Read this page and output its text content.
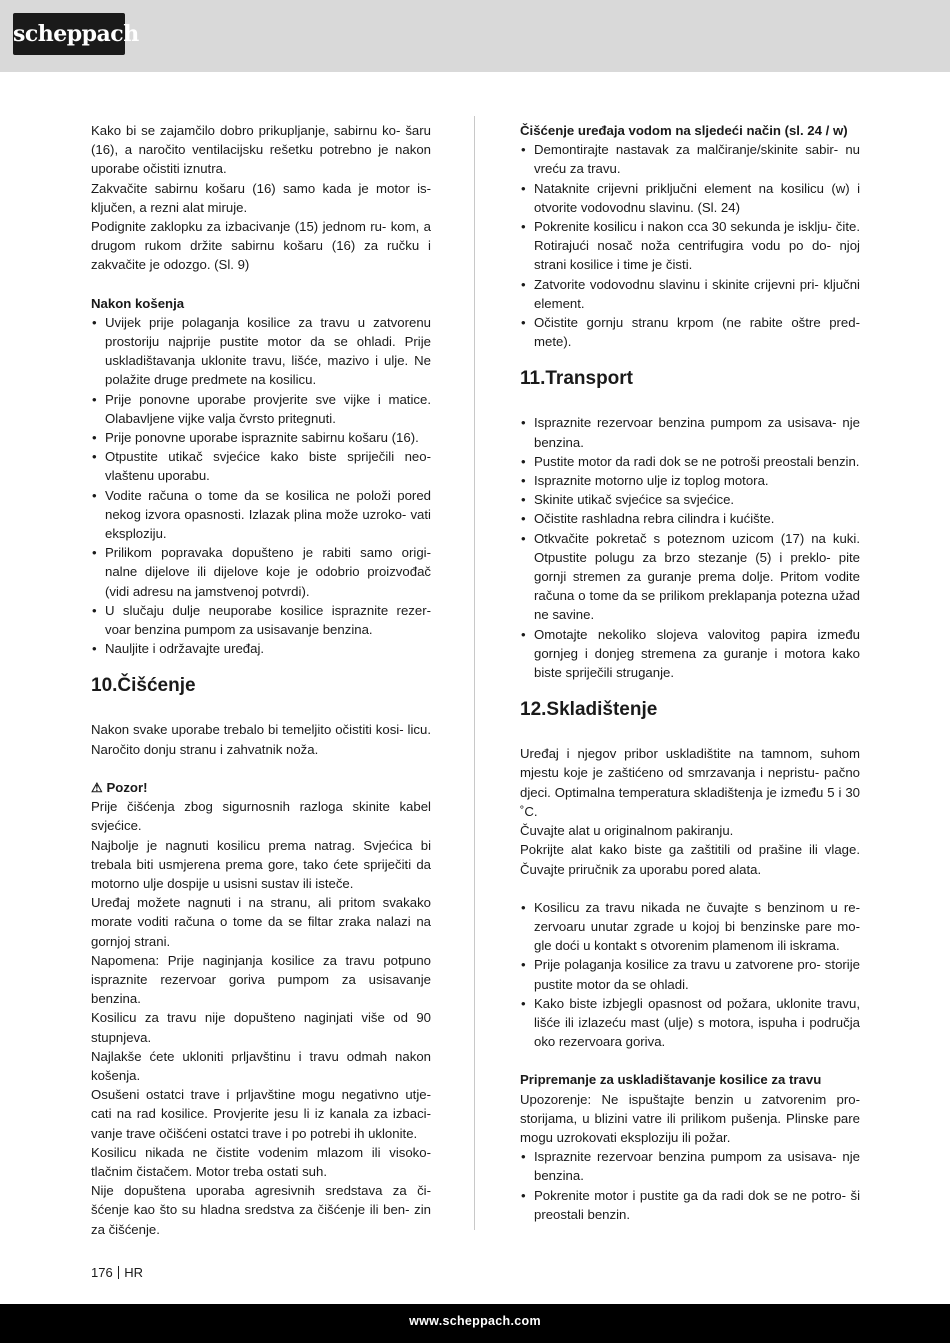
scheppach

Kako bi se zajamčilo dobro prikupljanje, sabirnu ko- šaru (16), a naročito ventilacijsku rešetku potrebno je nakon uporabe očistiti iznutra.

Zakvačite sabirnu košaru (16) samo kada je motor is- ključen, a rezni alat miruje.

Podignite zaklopku za izbacivanje (15) jednom ru- kom, a drugom rukom držite sabirnu košaru (16) za ručku i zakvačite je odozgo. (Sl. 9)

Nakon košenja

• Uvijek prije polaganja kosilice za travu u zatvorenu prostoriju najprije pustite motor da se ohladi. Prije uskladištavanja uklonite travu, lišće, mazivo i ulje. Ne polažite druge predmete na kosilicu.
• Prije ponovne uporabe provjerite sve vijke i matice. Olabavljene vijke valja čvrsto pritegnuti.
• Prije ponovne uporabe ispraznite sabirnu košaru (16).
• Otpustite utikač svjećice kako biste spriječili neo- vlaštenu uporabu.
• Vodite računa o tome da se kosilica ne položi pored nekog izvora opasnosti. Izlazak plina može uzroko- vati eksploziju.
• Prilikom popravaka dopušteno je rabiti samo origi- nalne dijelove ili dijelove koje je odobrio proizvođač (vidi adresu na jamstvenoj potvrdi).
• U slučaju dulje neuporabe kosilice ispraznite rezer- voar benzina pumpom za usisavanje benzina.
• Nauljite i održavajte uređaj.

10.Čišćenje

Nakon svake uporabe trebalo bi temeljito očistiti kosi- licu. Naročito donju stranu i zahvatnik noža.

⚠ Pozor!

Prije čišćenja zbog sigurnosnih razloga skinite kabel svjećice.

Najbolje je nagnuti kosilicu prema natrag. Svjećica bi trebala biti usmjerena prema gore, tako ćete spriječiti da motorno ulje dospije u usisni sustav ili isteče.

Uređaj možete nagnuti i na stranu, ali pritom svakako morate voditi računa o tome da se filtar zraka nalazi na gornjoj strani.

Napomena: Prije naginjanja kosilice za travu potpuno ispraznite rezervoar goriva pumpom za usisavanje benzina.

Kosilicu za travu nije dopušteno naginjati više od 90 stupnjeva.

Najlakše ćete ukloniti prljavštinu i travu odmah nakon košenja.

Osušeni ostatci trave i prljavštine mogu negativno utje- cati na rad kosilice. Provjerite jesu li iz kanala za izbaci- vanje trave očišćeni ostatci trave i po potrebi ih uklonite.

Kosilicu nikada ne čistite vodenim mlazom ili visoko- tlačnim čistačem. Motor treba ostati suh.

Nije dopuštena uporaba agresivnih sredstava za či- šćenje kao što su hladna sredstva za čišćenje ili ben- zin za čišćenje.

Čišćenje uređaja vodom na sljedeći način (sl. 24 / w)

• Demontirajte nastavak za malčiranje/skinite sabir- nu vreću za travu.
• Nataknite crijevni priključni element na kosilicu (w) i otvorite vodovodnu slavinu. (Sl. 24)
• Pokrenite kosilicu i nakon cca 30 sekunda je isklju- čite. Rotirajući nosač noža centrifugira vodu po do- njoj strani kosilice i time je čisti.
• Zatvorite vodovodnu slavinu i skinite crijevni pri- ključni element.
• Očistite gornju stranu krpom (ne rabite oštre pred- mete).

11.Transport

• Ispraznite rezervoar benzina pumpom za usisava- nje benzina.
• Pustite motor da radi dok se ne potroši preostali benzin.
• Ispraznite motorno ulje iz toplog motora.
• Skinite utikač svjećice sa svjećice.
• Očistite rashladna rebra cilindra i kućište.
• Otkvačite pokretač s poteznom uzicom (17) na kuki. Otpustite polugu za brzo stezanje (5) i preklo- pite gornji stremen za guranje prema dolje. Pritom vodite računa o tome da se prilikom preklapanja potezna užad ne savine.
• Omotajte nekoliko slojeva valovitog papira između gornjeg i donjeg stremena za guranje i motora kako biste spriječili struganje.

12.Skladištenje

Uređaj i njegov pribor uskladištite na tamnom, suhom mjestu koje je zaštićeno od smrzavanja i nepristu- pačno djeci. Optimalna temperatura skladištenja je između 5 i 30 ˚C.

Čuvajte alat u originalnom pakiranju.

Pokrijte alat kako biste ga zaštitili od prašine ili vlage. Čuvajte priručnik za uporabu pored alata.

• Kosilicu za travu nikada ne čuvajte s benzinom u re- zervoaru unutar zgrade u kojoj bi benzinske pare mo- gle doći u kontakt s otvorenim plamenom ili iskrama.
• Prije polaganja kosilice za travu u zatvorene pro- storije pustite motor da se ohladi.
• Kako biste izbjegli opasnost od požara, uklonite travu, lišće ili izlazeću mast (ulje) s motora, ispuha i područja oko rezervoara goriva.

Pripremanje za uskladištavanje kosilice za travu

Upozorenje: Ne ispuštajte benzin u zatvorenim pro- storijama, u blizini vatre ili prilikom pušenja. Plinske pare mogu uzrokovati eksploziju ili požar.

• Ispraznite rezervoar benzina pumpom za usisava- nje benzina.
• Pokrenite motor i pustite ga da radi dok se ne potro- ši preostali benzin.
176 HR
www.scheppach.com
